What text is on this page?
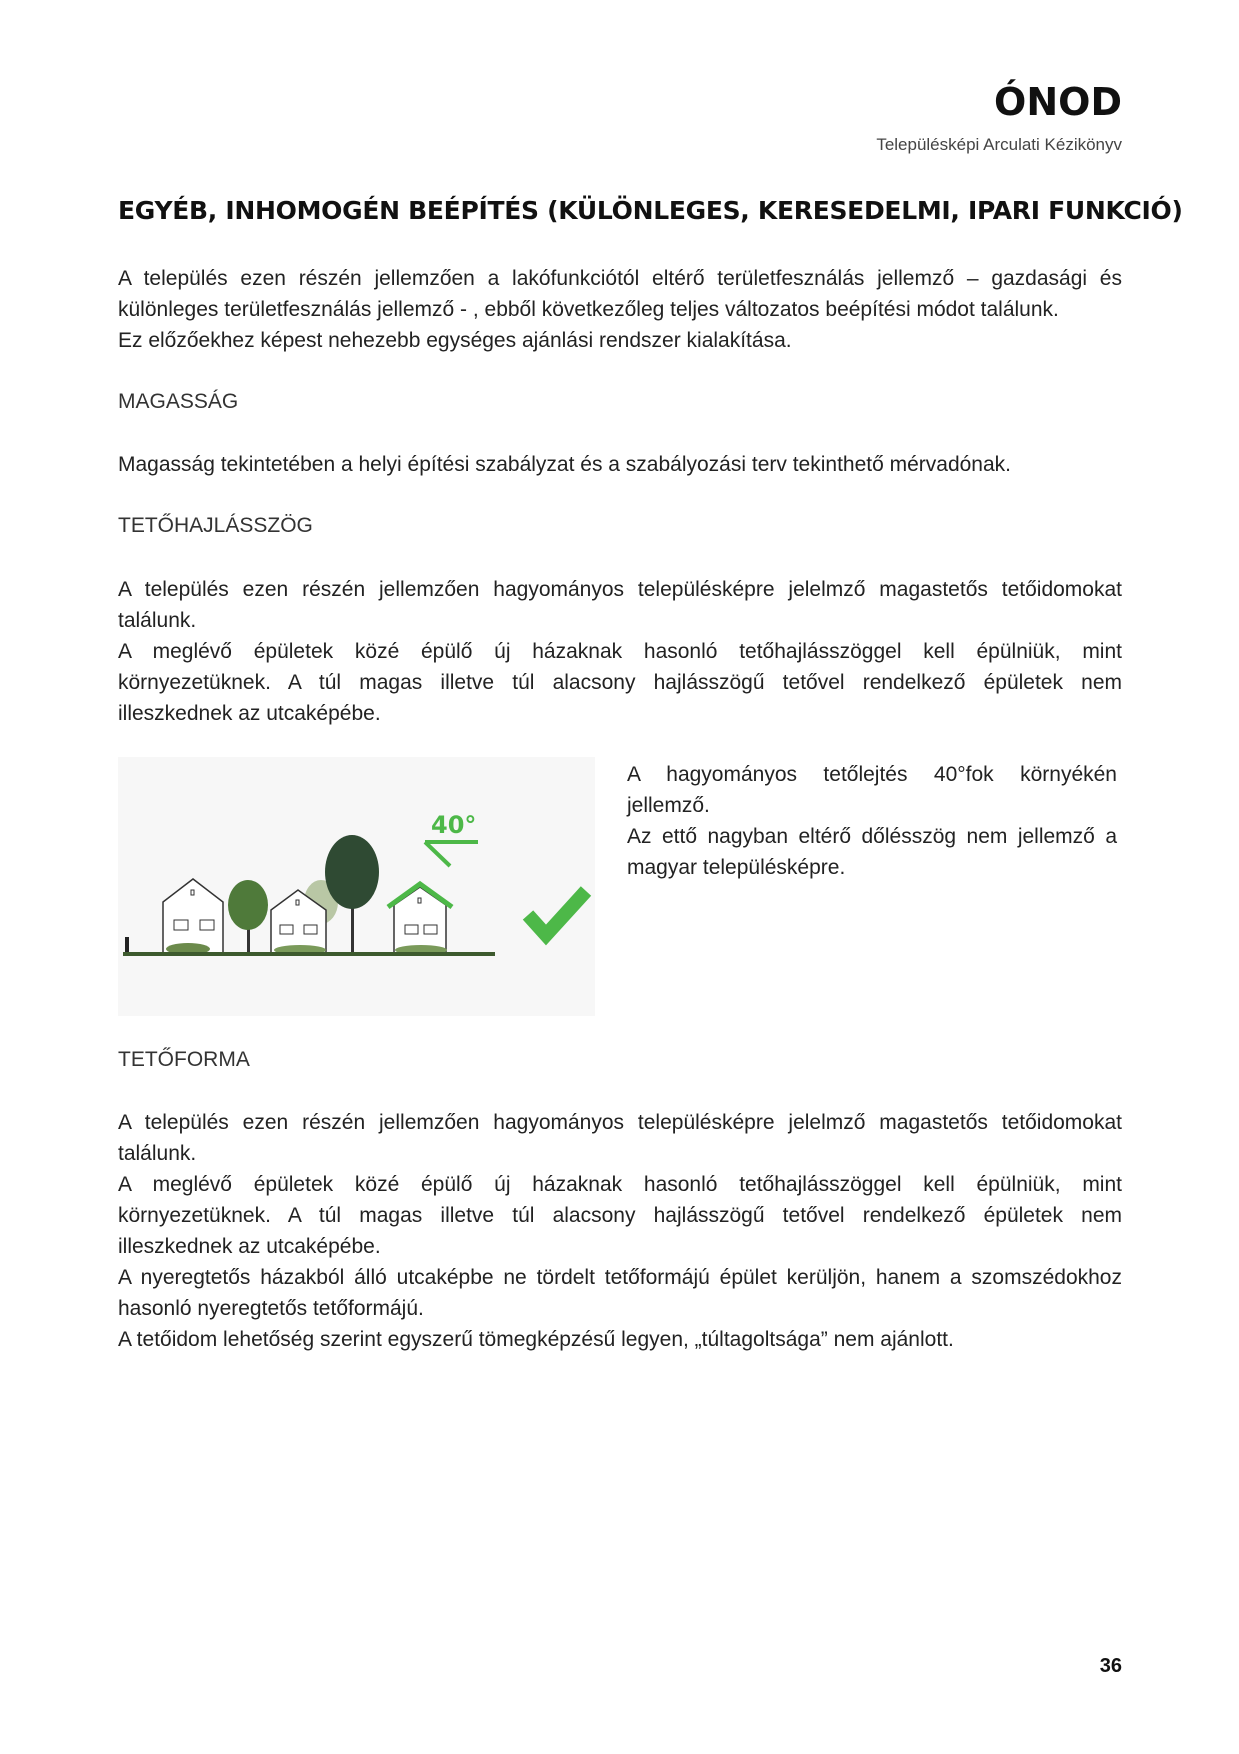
ÓNOD
Településképi Arculati Kézikönyv
EGYÉB, INHOMOGÉN BEÉPÍTÉS (KÜLÖNLEGES, KERESEDELMI, IPARI FUNKCIÓ)
A település ezen részén jellemzően a lakófunkciótól eltérő területfesználás jellemző – gazdasági és
különleges területfesználás jellemző - , ebből következőleg teljes változatos beépítési módot találunk.
Ez előzőekhez képest nehezebb egységes ajánlási rendszer kialakítása.
MAGASSÁG
Magasság tekintetében a helyi építési szabályzat és a szabályozási terv tekinthető mérvadónak.
TETŐHAJLÁSSZÖG
A település ezen részén jellemzően hagyományos településképre jelelmző magastetős tetőidomokat
találunk.
A meglévő épületek közé épülő új házaknak hasonló tetőhajlásszöggel kell épülniük, mint
környezetüknek. A túl magas illetve túl alacsony hajlásszögű tetővel rendelkező épületek nem
illeszkednek az utcaképébe.
40°
A hagyományos tetőlejtés 40°fok környékén
jellemző.
Az ettő nagyban eltérő dőlésszög nem jellemző a
magyar településképre.
TETŐFORMA
A település ezen részén jellemzően hagyományos településképre jelelmző magastetős tetőidomokat
találunk.
A meglévő épületek közé épülő új házaknak hasonló tetőhajlásszöggel kell épülniük, mint
környezetüknek. A túl magas illetve túl alacsony hajlásszögű tetővel rendelkező épületek nem
illeszkednek az utcaképébe.
A nyeregtetős házakból álló utcaképbe ne tördelt tetőformájú épület kerüljön, hanem a szomszédokhoz
hasonló nyeregtetős tetőformájú.
A tetőidom lehetőség szerint egyszerű tömegképzésű legyen, „túltagoltsága” nem ajánlott.
36
